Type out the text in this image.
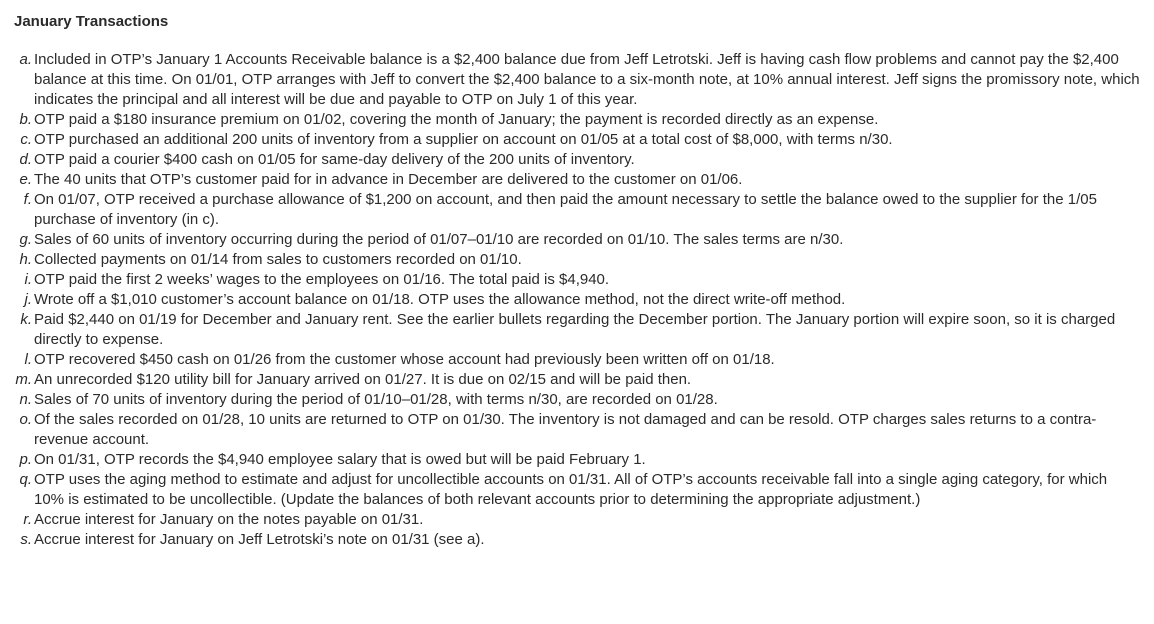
January Transactions
a . Included in OTP’s January 1 Accounts Receivable balance is a $2,400 balance due from Jeff Letrotski. Jeff is having cash flow problems and cannot pay the $2,400 balance at this time. On 01/01, OTP arranges with Jeff to convert the $2,400 balance to a six-month note, at 10% annual interest. Jeff signs the promissory note, which indicates the principal and all interest will be due and payable to OTP on July 1 of this year.
b . OTP paid a $180 insurance premium on 01/02, covering the month of January; the payment is recorded directly as an expense.
c . OTP purchased an additional 200 units of inventory from a supplier on account on 01/05 at a total cost of $8,000, with terms n/30.
d . OTP paid a courier $400 cash on 01/05 for same-day delivery of the 200 units of inventory.
e . The 40 units that OTP’s customer paid for in advance in December are delivered to the customer on 01/06.
f . On 01/07, OTP received a purchase allowance of $1,200 on account, and then paid the amount necessary to settle the balance owed to the supplier for the 1/05 purchase of inventory (in c).
g . Sales of 60 units of inventory occurring during the period of 01/07–01/10 are recorded on 01/10. The sales terms are n/30.
h . Collected payments on 01/14 from sales to customers recorded on 01/10.
i . OTP paid the first 2 weeks’ wages to the employees on 01/16. The total paid is $4,940.
j . Wrote off a $1,010 customer’s account balance on 01/18. OTP uses the allowance method, not the direct write-off method.
k . Paid $2,440 on 01/19 for December and January rent. See the earlier bullets regarding the December portion. The January portion will expire soon, so it is charged directly to expense.
l . OTP recovered $450 cash on 01/26 from the customer whose account had previously been written off on 01/18.
m . An unrecorded $120 utility bill for January arrived on 01/27. It is due on 02/15 and will be paid then.
n . Sales of 70 units of inventory during the period of 01/10–01/28, with terms n/30, are recorded on 01/28.
o . Of the sales recorded on 01/28, 10 units are returned to OTP on 01/30. The inventory is not damaged and can be resold. OTP charges sales returns to a contra-revenue account.
p . On 01/31, OTP records the $4,940 employee salary that is owed but will be paid February 1.
q . OTP uses the aging method to estimate and adjust for uncollectible accounts on 01/31. All of OTP’s accounts receivable fall into a single aging category, for which 10% is estimated to be uncollectible. (Update the balances of both relevant accounts prior to determining the appropriate adjustment.)
r . Accrue interest for January on the notes payable on 01/31.
s . Accrue interest for January on Jeff Letrotski’s note on 01/31 (see a).
